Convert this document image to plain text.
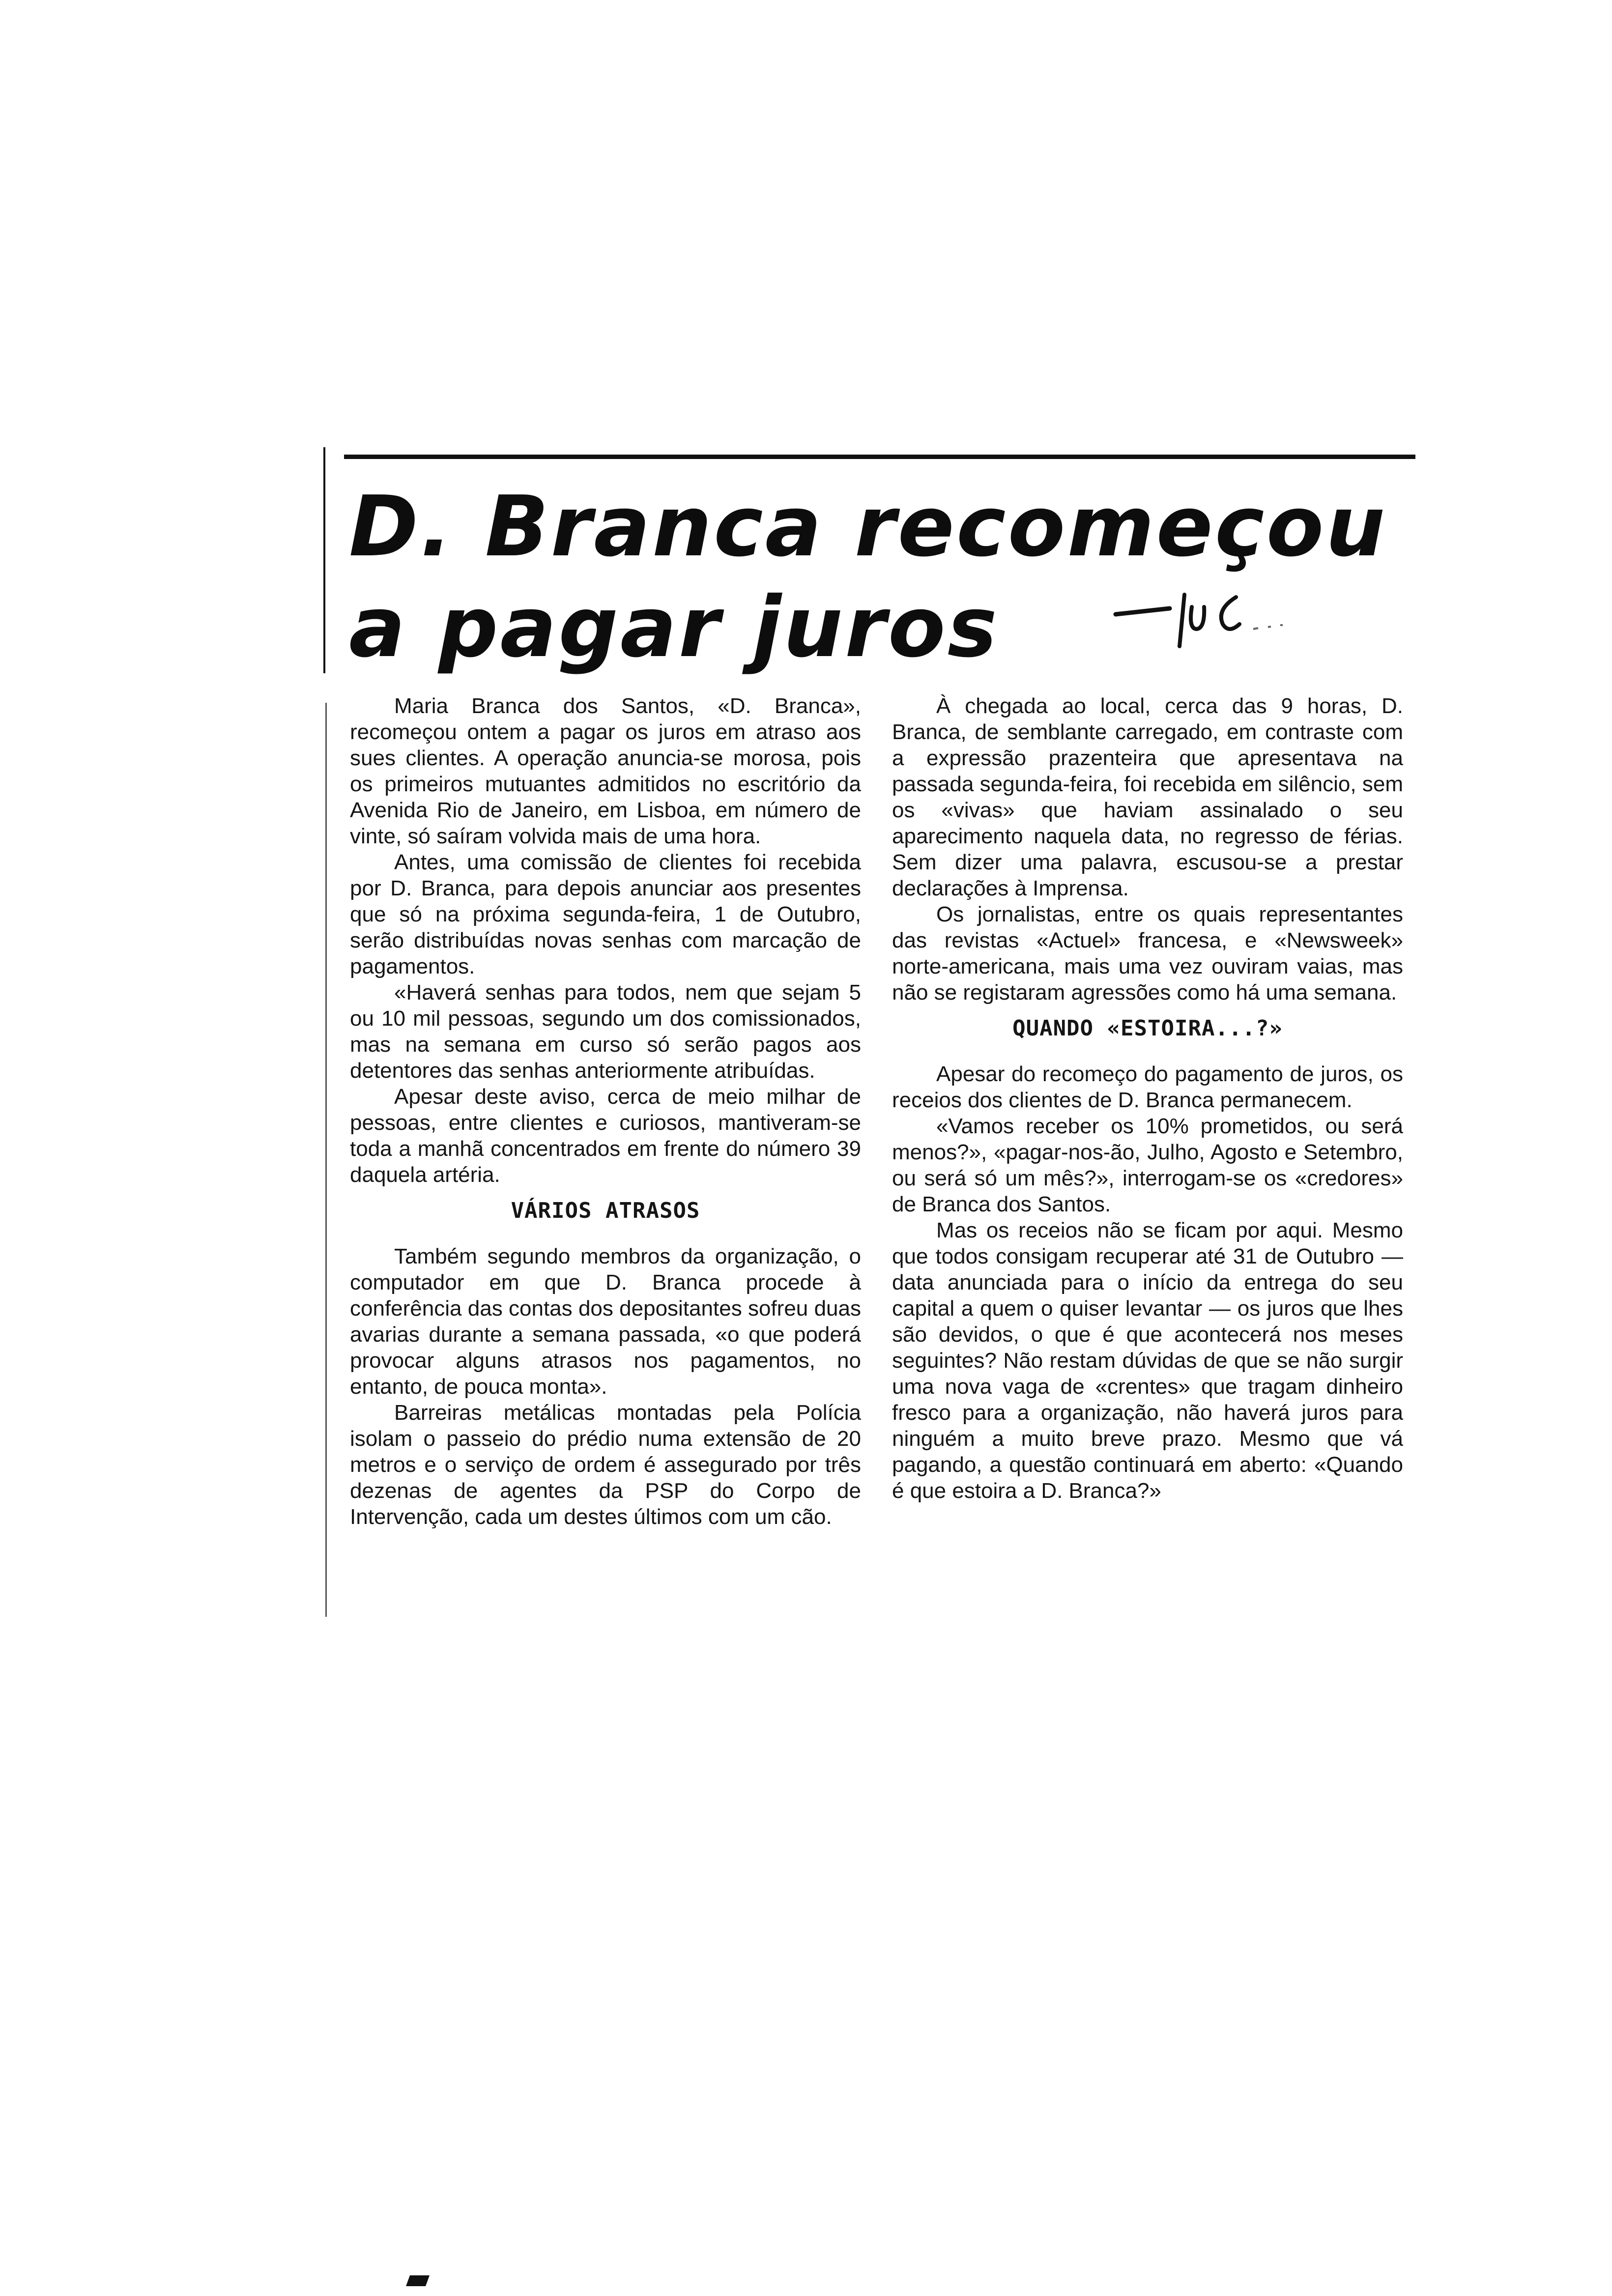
D. Branca recomeçou
a pagar juros

Maria Branca dos Santos, «D. Branca», recomeçou ontem a pagar os juros em atraso aos sues clientes. A operação anuncia-se morosa, pois os primeiros mutuantes admitidos no escritório da Avenida Rio de Janeiro, em Lisboa, em número de vinte, só saíram volvida mais de uma hora.

Antes, uma comissão de clientes foi recebida por D. Branca, para depois anunciar aos presentes que só na próxima segunda-feira, 1 de Outubro, serão distribuídas novas senhas com marcação de pagamentos.

«Haverá senhas para todos, nem que sejam 5 ou 10 mil pessoas, segundo um dos comissionados, mas na semana em curso só serão pagos aos detentores das senhas anteriormente atribuídas.

Apesar deste aviso, cerca de meio milhar de pessoas, entre clientes e curiosos, mantiveram-se toda a manhã concentrados em frente do número 39 daquela artéria.

VÁRIOS ATRASOS

Também segundo membros da organização, o computador em que D. Branca procede à conferência das contas dos depositantes sofreu duas avarias durante a semana passada, «o que poderá provocar alguns atrasos nos pagamentos, no entanto, de pouca monta».

Barreiras metálicas montadas pela Polícia isolam o passeio do prédio numa extensão de 20 metros e o serviço de ordem é assegurado por três dezenas de agentes da PSP do Corpo de Intervenção, cada um destes últimos com um cão.

À chegada ao local, cerca das 9 horas, D. Branca, de semblante carregado, em contraste com a expressão prazenteira que apresentava na passada segunda-feira, foi recebida em silêncio, sem os «vivas» que haviam assinalado o seu aparecimento naquela data, no regresso de férias. Sem dizer uma palavra, escusou-se a prestar declarações à Imprensa.

Os jornalistas, entre os quais representantes das revistas «Actuel» francesa, e «Newsweek» norte-americana, mais uma vez ouviram vaias, mas não se registaram agressões como há uma semana.

QUANDO «ESTOIRA...?»

Apesar do recomeço do pagamento de juros, os receios dos clientes de D. Branca permanecem.

«Vamos receber os 10% prometidos, ou será menos?», «pagar-nos-ão, Julho, Agosto e Setembro, ou será só um mês?», interrogam-se os «credores» de Branca dos Santos.

Mas os receios não se ficam por aqui. Mesmo que todos consigam recuperar até 31 de Outubro — data anunciada para o início da entrega do seu capital a quem o quiser levantar — os juros que lhes são devidos, o que é que acontecerá nos meses seguintes? Não restam dúvidas de que se não surgir uma nova vaga de «crentes» que tragam dinheiro fresco para a organização, não haverá juros para ninguém a muito breve prazo. Mesmo que vá pagando, a questão continuará em aberto: «Quando é que estoira a D. Branca?»
